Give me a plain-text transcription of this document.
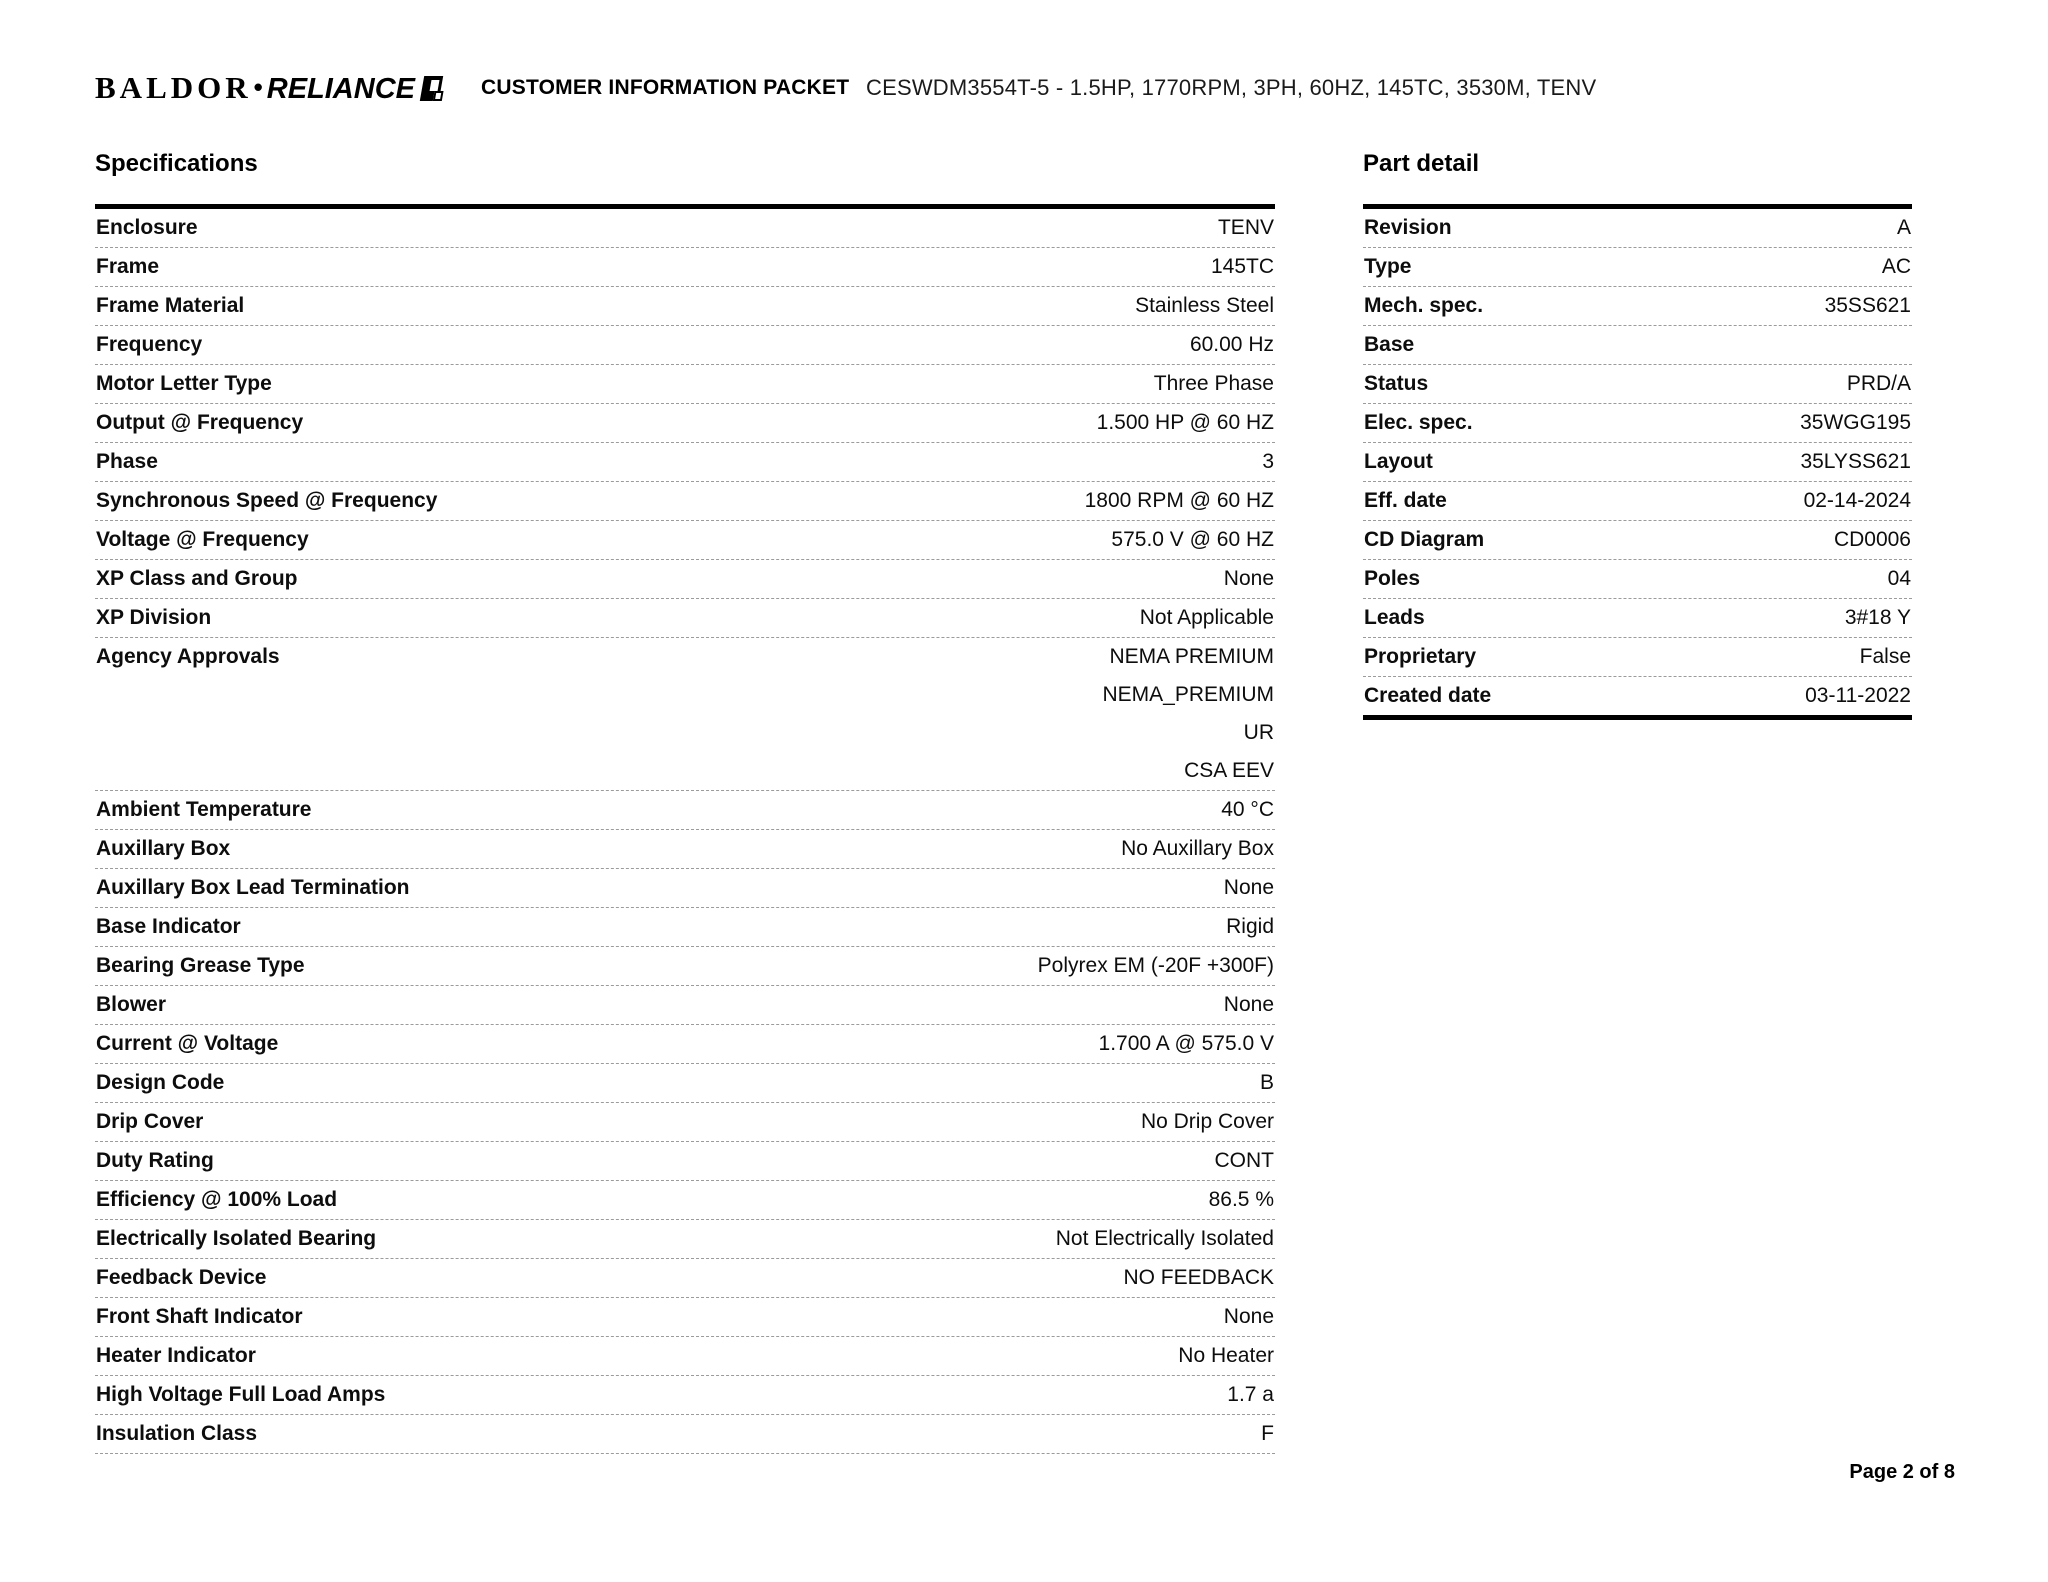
BALDOR• RELIANCE	CUSTOMER INFORMATION PACKET CESWDM3554T-5 - 1.5HP, 1770RPM, 3PH, 60HZ, 145TC, 3530M, TENV
Specifications
Enclosure	TENV
Frame	145TC
Frame Material	Stainless Steel
Frequency	60.00 Hz
Motor Letter Type	Three Phase
Output @ Frequency	1.500 HP @ 60 HZ
Phase	3
Synchronous Speed @ Frequency	1800 RPM @ 60 HZ
Voltage @ Frequency	575.0 V @ 60 HZ
XP Class and Group	None
XP Division	Not Applicable
Agency Approvals	NEMA PREMIUM
NEMA_PREMIUM
UR
CSA EEV
Ambient Temperature	40 °C
Auxillary Box	No Auxillary Box
Auxillary Box Lead Termination	None
Base Indicator	Rigid
Bearing Grease Type	Polyrex EM (-20F +300F)
Blower	None
Current @ Voltage	1.700 A @ 575.0 V
Design Code	B
Drip Cover	No Drip Cover
Duty Rating	CONT
Efficiency @ 100% Load	86.5 %
Electrically Isolated Bearing	Not Electrically Isolated
Feedback Device	NO FEEDBACK
Front Shaft Indicator	None
Heater Indicator	No Heater
High Voltage Full Load Amps	1.7 a
Insulation Class	F
Part detail
Revision	A
Type	AC
Mech. spec.	35SS621
Base
Status	PRD/A
Elec. spec.	35WGG195
Layout	35LYSS621
Eff. date	02-14-2024
CD Diagram	CD0006
Poles	04
Leads	3#18 Y
Proprietary	False
Created date	03-11-2022
Page 2 of 8
